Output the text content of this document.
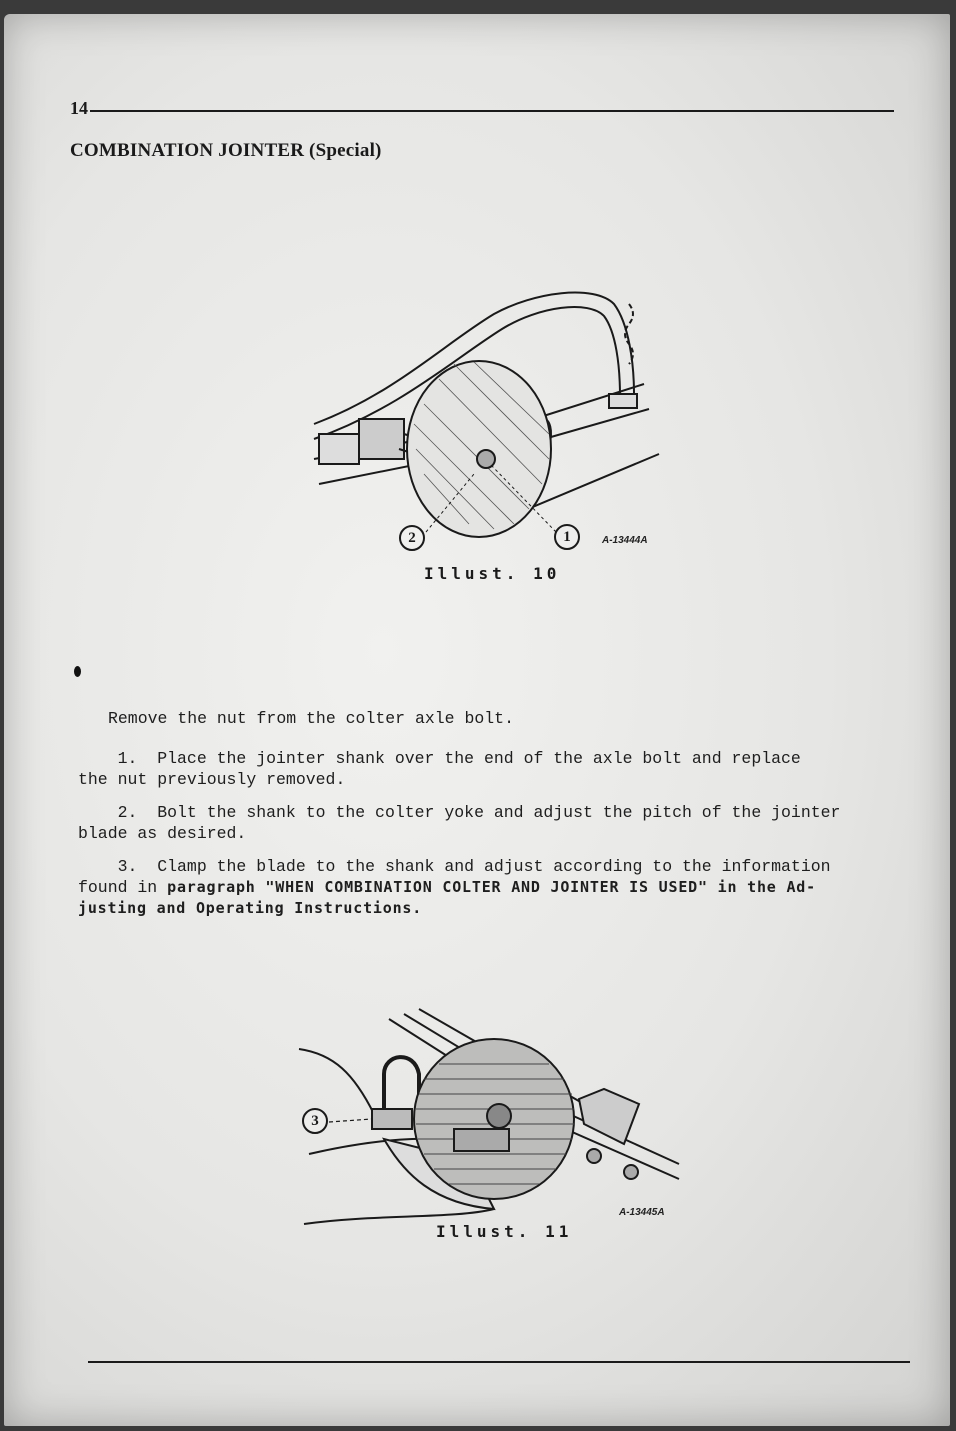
14
COMBINATION JOINTER (Special)
2	1	A-13444A
Illust. 10
Remove the nut from the colter axle bolt.
1.  Place the jointer shank over the end of the axle bolt and replace
the nut previously removed.
2.  Bolt the shank to the colter yoke and adjust the pitch of the jointer
blade as desired.
3.  Clamp the blade to the shank and adjust according to the information
found in paragraph "WHEN COMBINATION COLTER AND JOINTER IS USED" in the Ad-
justing and Operating Instructions.
3
A-13445A
Illust. 11
